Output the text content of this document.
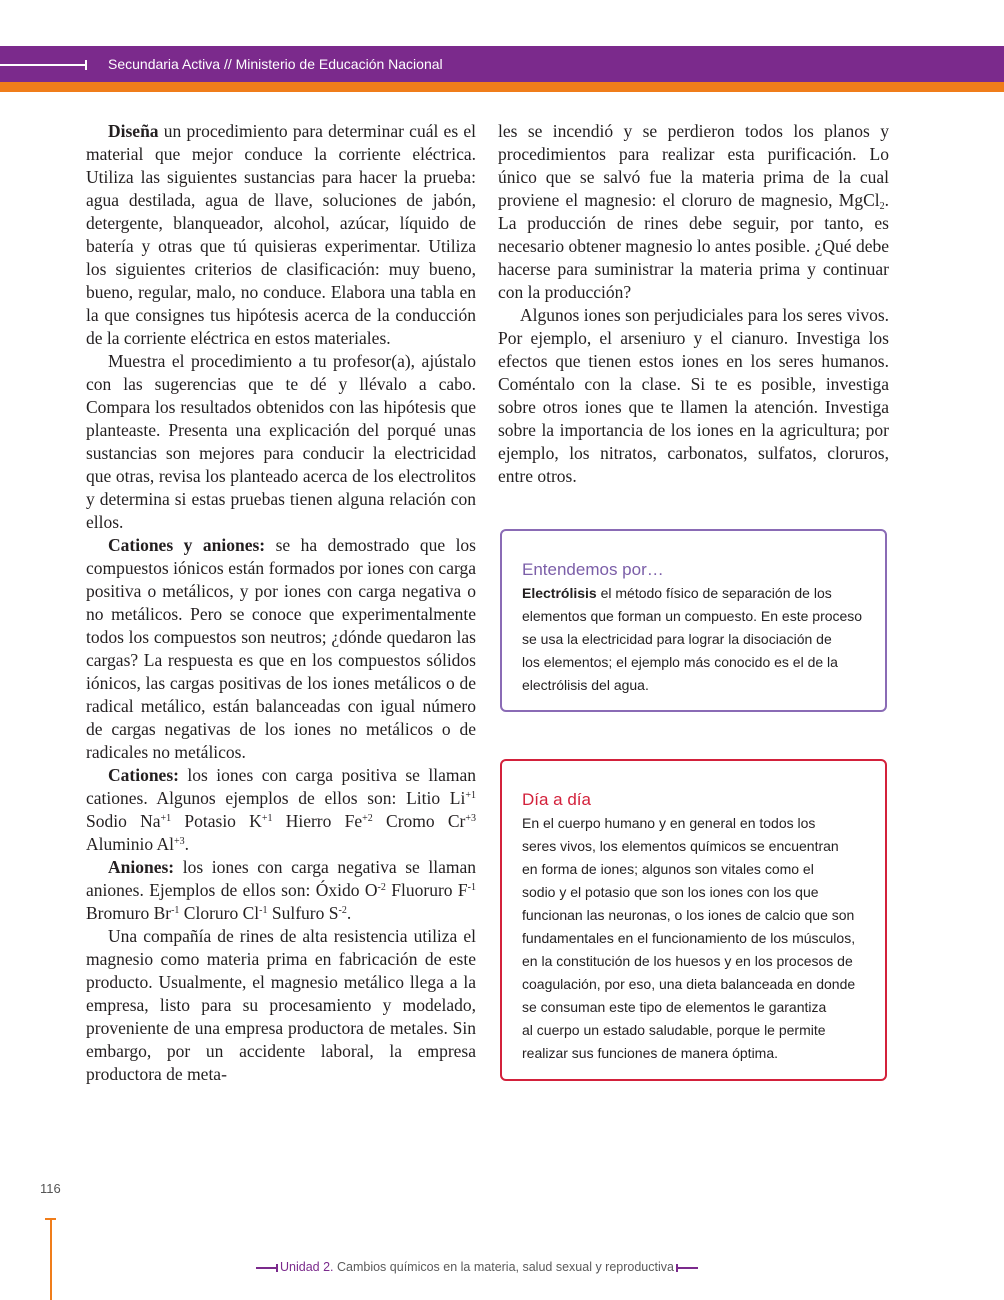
Secundaria Activa // Ministerio de Educación Nacional

Diseña un procedimiento para determinar cuál es el material que mejor conduce la corriente eléctrica. Utiliza las siguientes sustancias para hacer la prueba: agua destilada, agua de llave, soluciones de jabón, detergente, blanqueador, alcohol, azúcar, líquido de batería y otras que tú quisieras experimentar. Utiliza los siguientes criterios de clasificación: muy bueno, bueno, regular, malo, no conduce. Elabora una tabla en la que consignes tus hipótesis acerca de la conducción de la corriente eléctrica en estos materiales.

Muestra el procedimiento a tu profesor(a), ajústalo con las sugerencias que te dé y llévalo a cabo. Compara los resultados obtenidos con las hipótesis que planteaste. Presenta una explicación del porqué unas sustancias son mejores para conducir la electricidad que otras, revisa los planteado acerca de los electrolitos y determina si estas pruebas tienen alguna relación con ellos.

Cationes y aniones: se ha demostrado que los compuestos iónicos están formados por iones con carga positiva o metálicos, y por iones con carga negativa o no metálicos. Pero se conoce que experimentalmente todos los compuestos son neutros; ¿dónde quedaron las cargas? La respuesta es que en los compuestos sólidos iónicos, las cargas positivas de los iones metálicos o de radical metálico, están balanceadas con igual número de cargas negativas de los iones no metálicos o de radicales no metálicos.

Cationes: los iones con carga positiva se llaman cationes. Algunos ejemplos de ellos son: Litio $Li^{+1}$ Sodio $Na^{+1}$ Potasio $K^{+1}$ Hierro $Fe^{+2}$ Cromo $Cr^{+3}$ Aluminio $Al^{+3}$.

Aniones: los iones con carga negativa se llaman aniones. Ejemplos de ellos son: Óxido $O^{-2}$ Fluoruro $F^{-1}$ Bromuro $Br^{-1}$ Cloruro $Cl^{-1}$ Sulfuro $S^{-2}$.

Una compañía de rines de alta resistencia utiliza el magnesio como materia prima en fabricación de este producto. Usualmente, el magnesio metálico llega a la empresa, listo para su procesamiento y modelado, proveniente de una empresa productora de metales. Sin embargo, por un accidente laboral, la empresa productora de meta-

les se incendió y se perdieron todos los planos y procedimientos para realizar esta purificación. Lo único que se salvó fue la materia prima de la cual proviene el magnesio: el cloruro de magnesio, MgCl$_2$. La producción de rines debe seguir, por tanto, es necesario obtener magnesio lo antes posible. ¿Qué debe hacerse para suministrar la materia prima y continuar con la producción?

Algunos iones son perjudiciales para los seres vivos. Por ejemplo, el arseniuro y el cianuro. Investiga los efectos que tienen estos iones en los seres humanos. Coméntalo con la clase. Si te es posible, investiga sobre otros iones que te llamen la atención. Investiga sobre la importancia de los iones en la agricultura; por ejemplo, los nitratos, carbonatos, sulfatos, cloruros, entre otros.

Entendemos por…
Electrólisis el método físico de separación de los
elementos que forman un compuesto. En este proceso
se usa la electricidad para lograr la disociación de
los elementos; el ejemplo más conocido es el de la
electrólisis del agua.
Día a día
En el cuerpo humano y en general en todos los
seres vivos, los elementos químicos se encuentran
en forma de iones; algunos son vitales como el
sodio y el potasio que son los iones con los que
funcionan las neuronas, o los iones de calcio que son
fundamentales en el funcionamiento de los músculos,
en la constitución de los huesos y en los procesos de
coagulación, por eso, una dieta balanceada en donde
se consuman este tipo de elementos le garantiza
al cuerpo un estado saludable, porque le permite
realizar sus funciones de manera óptima.
116
Unidad 2. Cambios químicos en la materia, salud sexual y reproductiva
